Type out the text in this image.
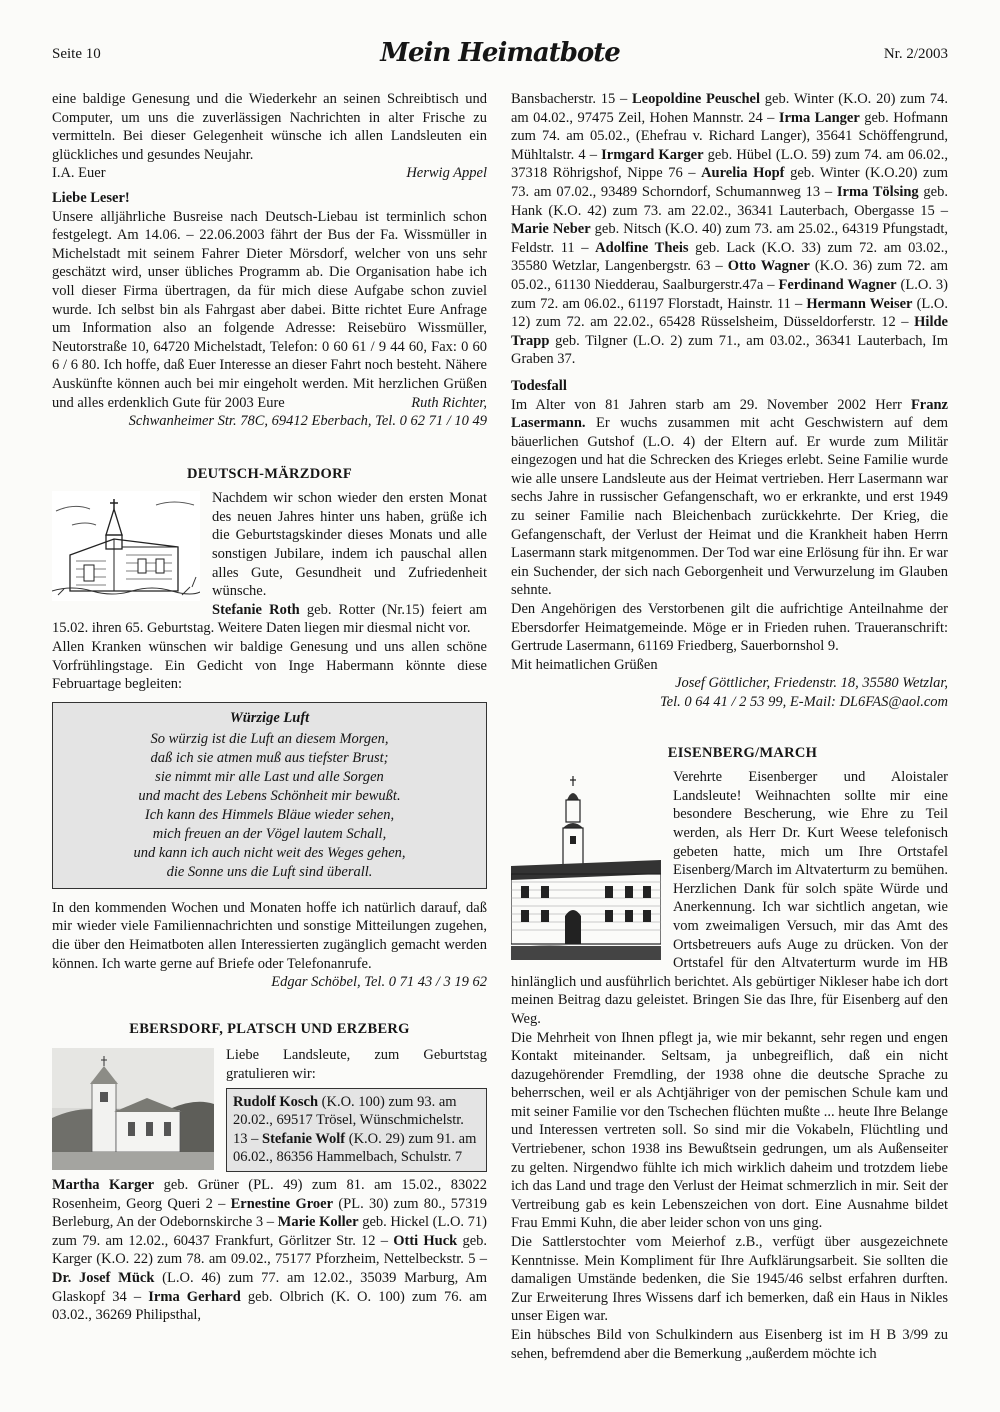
Seite 10	Mein Heimatbote	Nr. 2/2003

eine baldige Genesung und die Wiederkehr an seinen Schreibtisch und Computer, um uns die zuverlässigen Nachrichten in alter Frische zu vermitteln. Bei dieser Gelegenheit wünsche ich allen Landsleuten ein glückliches und gesundes Neujahr.

I.A. Euer	Herwig Appel
Liebe Leser!

Unsere alljährliche Busreise nach Deutsch-Liebau ist terminlich schon festgelegt. Am 14.06. – 22.06.2003 fährt der Bus der Fa. Wissmüller in Michelstadt mit seinem Fahrer Dieter Mörsdorf, welcher von uns sehr geschätzt wird, unser übliches Programm ab. Die Organisation habe ich voll dieser Firma übertragen, da für mich diese Aufgabe schon zuviel wurde. Ich selbst bin als Fahrgast aber dabei. Bitte richtet Eure Anfrage um Information also an folgende Adresse: Reisebüro Wissmüller, Neutorstraße 10, 64720 Michelstadt, Telefon: 0 60 61 / 9 44 60, Fax: 0 60 6 / 6 80. Ich hoffe, daß Euer Interesse an dieser Fahrt noch besteht. Nähere Auskünfte können auch bei mir eingeholt werden. Mit herzlichen Grüßen und alles erdenklich Gute für 2003 Eure	Ruth Richter,

Schwanheimer Str. 78C, 69412 Eberbach, Tel. 0 62 71 / 10 49

DEUTSCH-MÄRZDORF

Nachdem wir schon wieder den ersten Monat des neuen Jahres hinter uns haben, grüße ich die Geburtstagskinder dieses Monats und alle sonstigen Jubilare, indem ich pauschal allen alles Gute, Gesundheit und Zufriedenheit wünsche.

Stefanie Roth geb. Rotter (Nr.15) feiert am 15.02. ihren 65. Geburtstag. Weitere Daten liegen mir diesmal nicht vor.

Allen Kranken wünschen wir baldige Genesung und uns allen schöne Vorfrühlingstage. Ein Gedicht von Inge Habermann könnte diese Februartage begleiten:

Würzige Luft
So würzig ist die Luft an diesem Morgen,
daß ich sie atmen muß aus tiefster Brust;
sie nimmt mir alle Last und alle Sorgen
und macht des Lebens Schönheit mir bewußt.
Ich kann des Himmels Bläue wieder sehen,
mich freuen an der Vögel lautem Schall,
und kann ich auch nicht weit des Weges gehen,
die Sonne uns die Luft sind überall.

In den kommenden Wochen und Monaten hoffe ich natürlich darauf, daß mir wieder viele Familiennachrichten und sonstige Mitteilungen zugehen, die über den Heimatboten allen Interessierten zugänglich gemacht werden können. Ich warte gerne auf Briefe oder Telefonanrufe.
Edgar Schöbel, Tel. 0 71 43 / 3 19 62

EBERSDORF, PLATSCH UND ERZBERG

Liebe Landsleute, zum Geburtstag gratulieren wir:

Rudolf Kosch (K.O. 100) zum 93. am 20.02., 69517 Trösel, Wünschmichelstr. 13 – Stefanie Wolf (K.O. 29) zum 91. am 06.02., 86356 Hammelbach, Schulstr. 7

Martha Karger geb. Grüner (PL. 49) zum 81. am 15.02., 83022 Rosenheim, Georg Queri 2 – Ernestine Groer (PL. 30) zum 80., 57319 Berleburg, An der Odebornskirche 3 – Marie Koller geb. Hickel (L.O. 71) zum 79. am 12.02., 60437 Frankfurt, Görlitzer Str. 12 – Otti Huck geb. Karger (K.O. 22) zum 78. am 09.02., 75177 Pforzheim, Nettelbeckstr. 5 – Dr. Josef Mück (L.O. 46) zum 77. am 12.02., 35039 Marburg, Am Glaskopf 34 – Irma Gerhard geb. Olbrich (K. O. 100) zum 76. am 03.02., 36269 Philipsthal,

Bansbacherstr. 15 – Leopoldine Peuschel geb. Winter (K.O. 20) zum 74. am 04.02., 97475 Zeil, Hohen Mannstr. 24 – Irma Langer geb. Hofmann zum 74. am 05.02., (Ehefrau v. Richard Langer), 35641 Schöffengrund, Mühltalstr. 4 – Irmgard Karger geb. Hübel (L.O. 59) zum 74. am 06.02., 37318 Röhrigshof, Nippe 76 – Aurelia Hopf geb. Winter (K.O.20) zum 73. am 07.02., 93489 Schorndorf, Schumannweg 13 – Irma Tölsing geb. Hank (K.O. 42) zum 73. am 22.02., 36341 Lauterbach, Obergasse 15 – Marie Neber geb. Nitsch (K.O. 40) zum 73. am 25.02., 64319 Pfungstadt, Feldstr. 11 – Adolfine Theis geb. Lack (K.O. 33) zum 72. am 03.02., 35580 Wetzlar, Langenbergstr. 63 – Otto Wagner (K.O. 36) zum 72. am 05.02., 61130 Niedderau, Saalburgerstr.47a – Ferdinand Wagner (L.O. 3) zum 72. am 06.02., 61197 Florstadt, Hainstr. 11 – Hermann Weiser (L.O. 12) zum 72. am 22.02., 65428 Rüsselsheim, Düsseldorferstr. 12 – Hilde Trapp geb. Tilgner (L.O. 2) zum 71., am 03.02., 36341 Lauterbach, Im Graben 37.

Todesfall

Im Alter von 81 Jahren starb am 29. November 2002 Herr Franz Lasermann. Er wuchs zusammen mit acht Geschwistern auf dem bäuerlichen Gutshof (L.O. 4) der Eltern auf. Er wurde zum Militär eingezogen und hat die Schrecken des Krieges erlebt. Seine Familie wurde wie alle unsere Landsleute aus der Heimat vertrieben. Herr Lasermann war sechs Jahre in russischer Gefangenschaft, wo er erkrankte, und erst 1949 zu seiner Familie nach Bleichenbach zurückkehrte. Der Krieg, die Gefangenschaft, der Verlust der Heimat und die Krankheit haben Herrn Lasermann stark mitgenommen. Der Tod war eine Erlösung für ihn. Er war ein Suchender, der sich nach Geborgenheit und Verwurzelung im Glauben sehnte.

Den Angehörigen des Verstorbenen gilt die aufrichtige Anteilnahme der Ebersdorfer Heimatgemeinde. Möge er in Frieden ruhen. Traueranschrift: Gertrude Lasermann, 61169 Friedberg, Sauerbornshol 9.

Mit heimatlichen Grüßen

Josef Göttlicher, Friedenstr. 18, 35580 Wetzlar,

Tel. 0 64 41 / 2 53 99, E-Mail: DL6FAS@aol.com

EISENBERG/MARCH

Verehrte Eisenberger und Aloistaler Landsleute! Weihnachten sollte mir eine besondere Bescherung, wie Ehre zu Teil werden, als Herr Dr. Kurt Weese telefonisch gebeten hatte, mich um Ihre Ortstafel Eisenberg/March im Altvaterturm zu bemühen. Herzlichen Dank für solch späte Würde und Anerkennung. Ich war sichtlich angetan, wie vom zweimaligen Versuch, mir das Amt des Ortsbetreuers aufs Auge zu drücken. Von der Ortstafel für den Altvaterturm wurde im HB hinlänglich und ausführlich berichtet. Als gebürtiger Nikleser habe ich dort meinen Beitrag dazu geleistet. Bringen Sie das Ihre, für Eisenberg auf den Weg.

Die Mehrheit von Ihnen pflegt ja, wie mir bekannt, sehr regen und engen Kontakt miteinander. Seltsam, ja unbegreiflich, daß ein nicht dazugehörender Fremdling, der 1938 ohne die deutsche Sprache zu beherrschen, weil er als Achtjähriger von der pemischen Schule kam und mit seiner Familie vor den Tschechen flüchten mußte ... heute Ihre Belange und Interessen vertreten soll. So sind mir die Vokabeln, Flüchtling und Vertriebener, schon 1938 ins Bewußtsein gedrungen, um als Außenseiter zu gelten. Nirgendwo fühlte ich mich wirklich daheim und trotzdem liebe ich das Land und trage den Verlust der Heimat schmerzlich in mir. Seit der Vertreibung gab es kein Lebenszeichen von dort. Eine Ausnahme bildet Frau Emmi Kuhn, die aber leider schon von uns ging.

Die Sattlerstochter vom Meierhof z.B., verfügt über ausgezeichnete Kenntnisse. Mein Kompliment für Ihre Aufklärungsarbeit. Sie sollten die damaligen Umstände bedenken, die Sie 1945/46 selbst erfahren durften. Zur Erweiterung Ihres Wissens darf ich bemerken, daß ein Haus in Nikles unser Eigen war.

Ein hübsches Bild von Schulkindern aus Eisenberg ist im H B 3/99 zu sehen, befremdend aber die Bemerkung „außerdem möchte ich
